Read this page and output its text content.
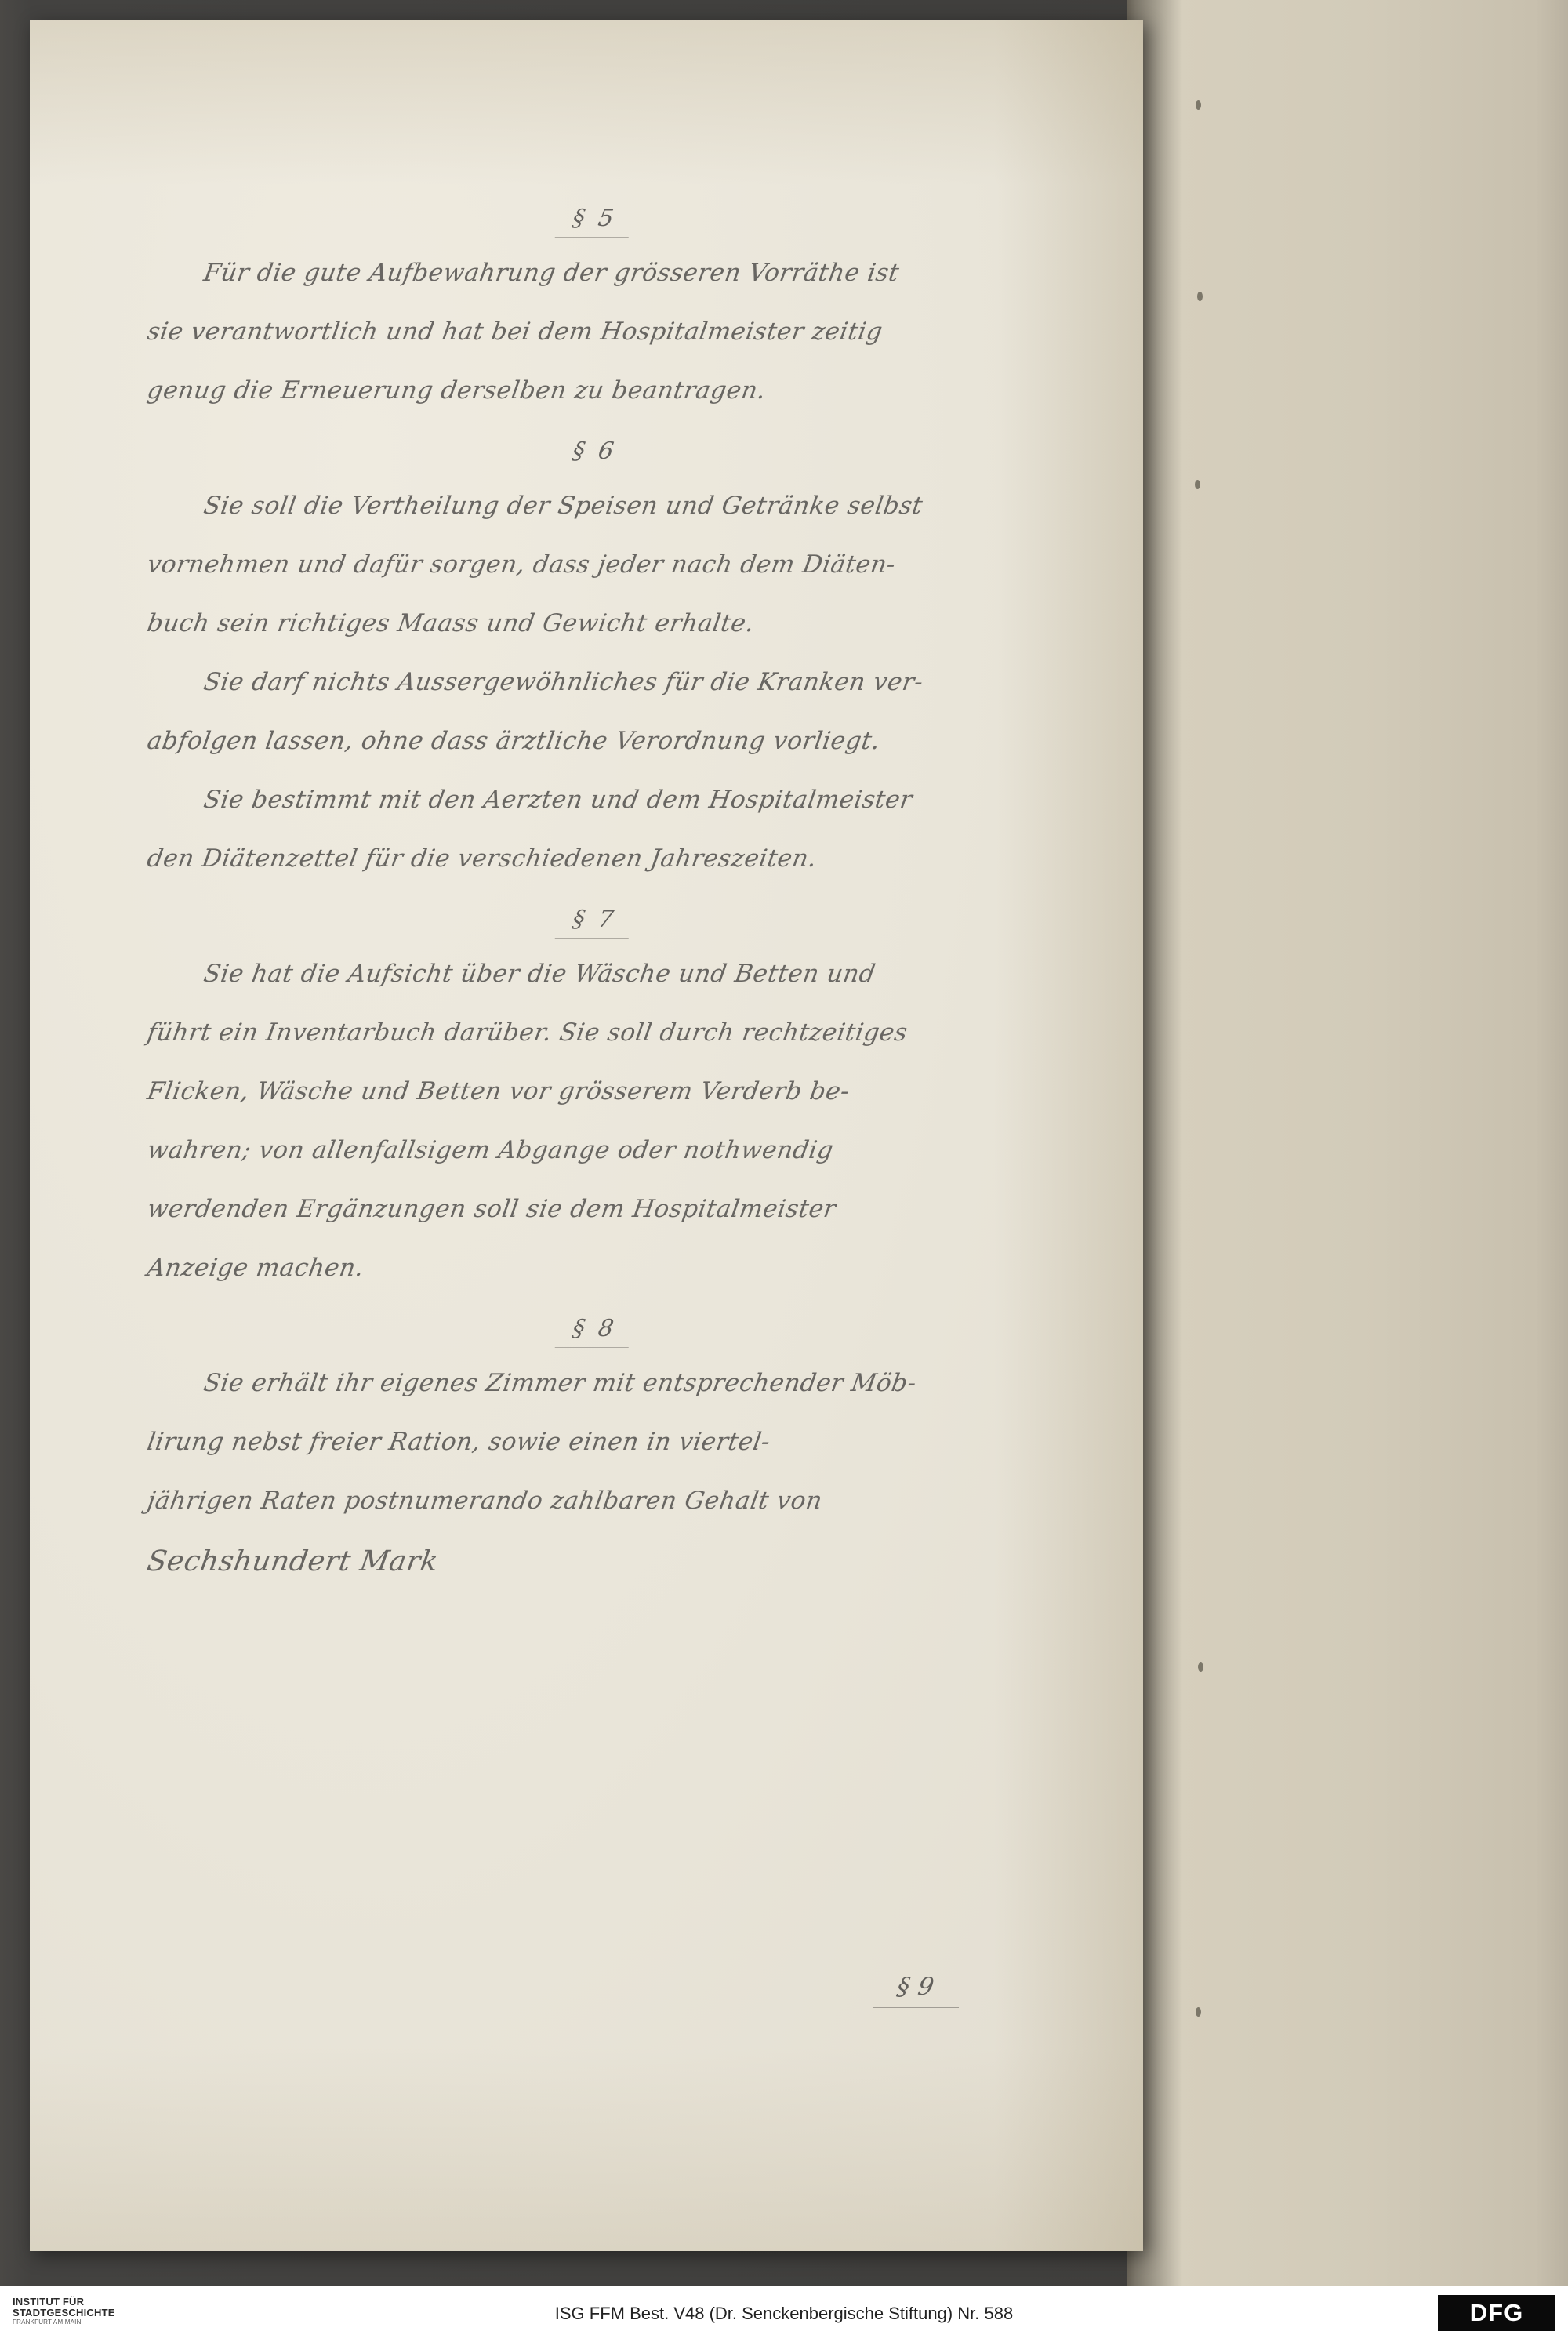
§ 5
Für die gute Aufbewahrung der grösseren Vorräthe ist
sie verantwortlich und hat bei dem Hospitalmeister zeitig
genug die Erneuerung derselben zu beantragen.
§ 6
Sie soll die Vertheilung der Speisen und Getränke selbst
vornehmen und dafür sorgen, dass jeder nach dem Diäten-
buch sein richtiges Maass und Gewicht erhalte.
Sie darf nichts Aussergewöhnliches für die Kranken ver-
abfolgen lassen, ohne dass ärztliche Verordnung vorliegt.
Sie bestimmt mit den Aerzten und dem Hospitalmeister
den Diätenzettel für die verschiedenen Jahreszeiten.
§ 7
Sie hat die Aufsicht über die Wäsche und Betten und
führt ein Inventarbuch darüber. Sie soll durch rechtzeitiges
Flicken, Wäsche und Betten vor grösserem Verderb be-
wahren; von allenfallsigem Abgange oder nothwendig
werdenden Ergänzungen soll sie dem Hospitalmeister
Anzeige machen.
§ 8
Sie erhält ihr eigenes Zimmer mit entsprechender Möb-
lirung nebst freier Ration, sowie einen in viertel-
jährigen Raten postnumerando zahlbaren Gehalt von
Sechshundert Mark
§ 9
INSTITUT FÜR
STADTGESCHICHTE
FRANKFURT AM MAIN	ISG FFM Best. V48 (Dr. Senckenbergische Stiftung) Nr. 588	DFG
